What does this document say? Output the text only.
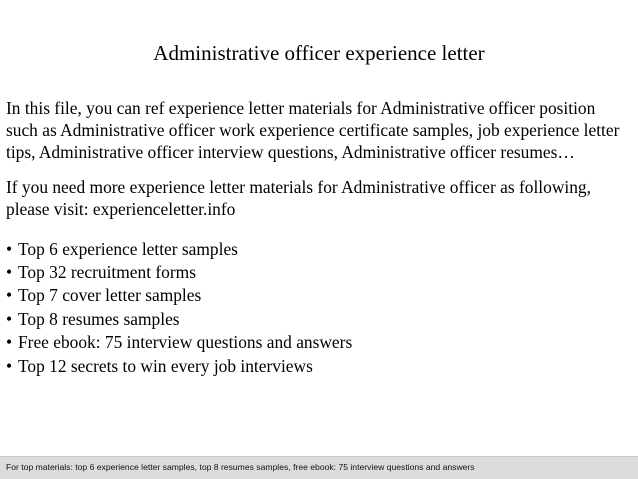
Administrative officer experience letter

In this file, you can ref experience letter materials for Administrative officer position
such as Administrative officer work experience certificate samples, job experience letter
tips, Administrative officer interview questions, Administrative officer resumes…

If you need more experience letter materials for Administrative officer as following,
please visit: experienceletter.info

• Top 6 experience letter samples
• Top 32 recruitment forms
• Top 7 cover letter samples
• Top 8 resumes samples
• Free ebook: 75 interview questions and answers
• Top 12 secrets to win every job interviews
For top materials: top 6 experience letter samples, top 8 resumes samples, free ebook: 75 interview questions and answers
